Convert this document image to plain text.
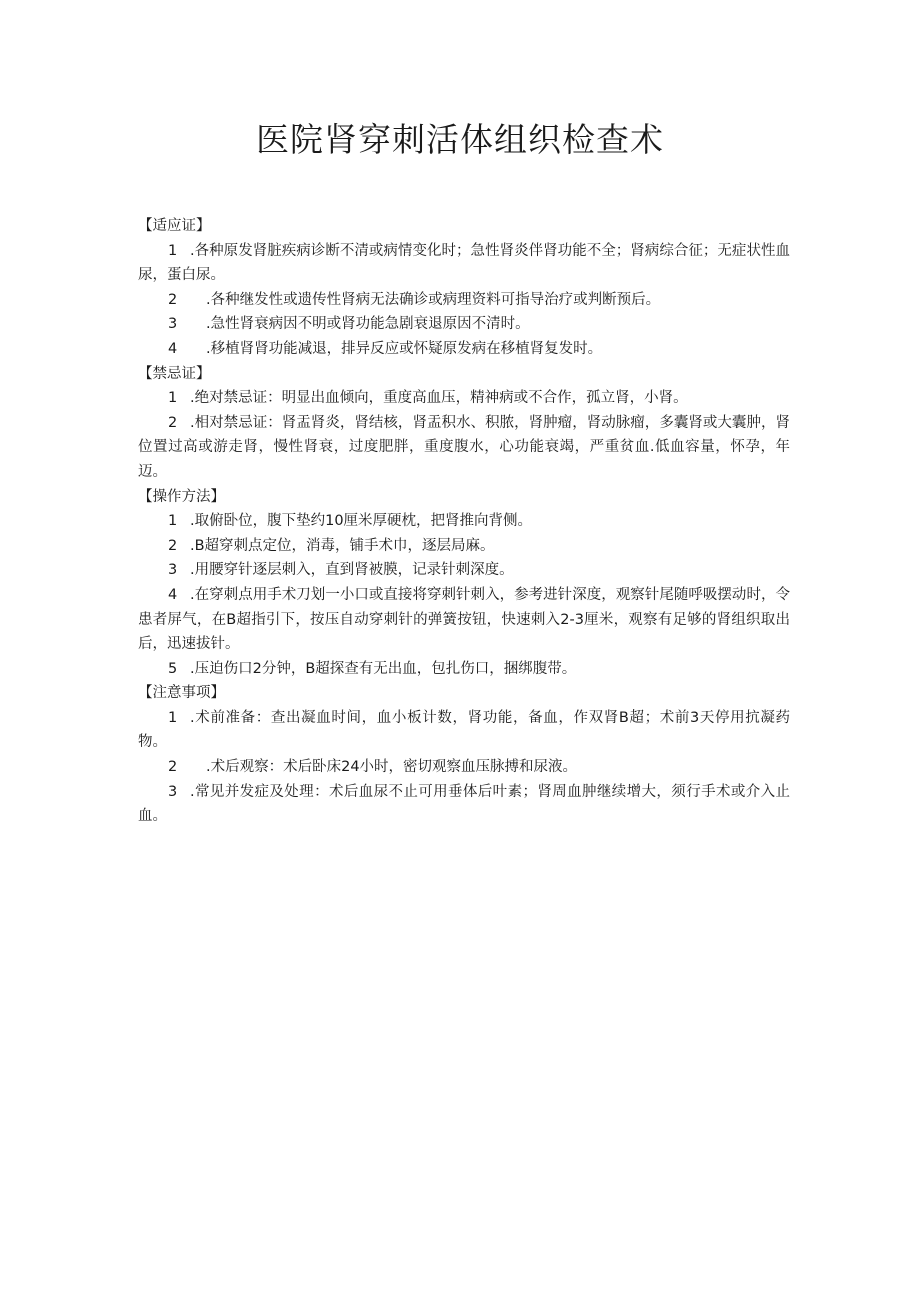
医院肾穿刺活体组织检查术

【适应证】

1 .各种原发肾脏疾病诊断不清或病情变化时；急性肾炎伴肾功能不全；肾病综合征；无症状性血尿，蛋白尿。

2 .各种继发性或遗传性肾病无法确诊或病理资料可指导治疗或判断预后。

3 .急性肾衰病因不明或肾功能急剧衰退原因不清时。

4 .移植肾肾功能减退，排异反应或怀疑原发病在移植肾复发时。

【禁忌证】

1 .绝对禁忌证：明显出血倾向，重度高血压，精神病或不合作，孤立肾，小肾。

2 .相对禁忌证：肾盂肾炎，肾结核，肾盂积水、积脓，肾肿瘤，肾动脉瘤，多囊肾或大囊肿，肾位置过高或游走肾，慢性肾衰，过度肥胖，重度腹水，心功能衰竭，严重贫血.低血容量，怀孕，年迈。

【操作方法】

1 .取俯卧位，腹下垫约10厘米厚硬枕，把肾推向背侧。

2 .B超穿刺点定位，消毒，铺手术巾，逐层局麻。

3 .用腰穿针逐层刺入，直到肾被膜，记录针刺深度。

4 .在穿刺点用手术刀划一小口或直接将穿刺针刺入，参考进针深度，观察针尾随呼吸摆动时，令患者屏气，在B超指引下，按压自动穿刺针的弹簧按钮，快速刺入2-3厘米，观察有足够的肾组织取出后，迅速拔针。

5 .压迫伤口2分钟，B超探查有无出血，包扎伤口，捆绑腹带。

【注意事项】

1 .术前准备：查出凝血时间，血小板计数，肾功能，备血，作双肾B超；术前3天停用抗凝药物。

2 .术后观察：术后卧床24小时，密切观察血压脉搏和尿液。

3 .常见并发症及处理：术后血尿不止可用垂体后叶素；肾周血肿继续增大，须行手术或介入止血。
